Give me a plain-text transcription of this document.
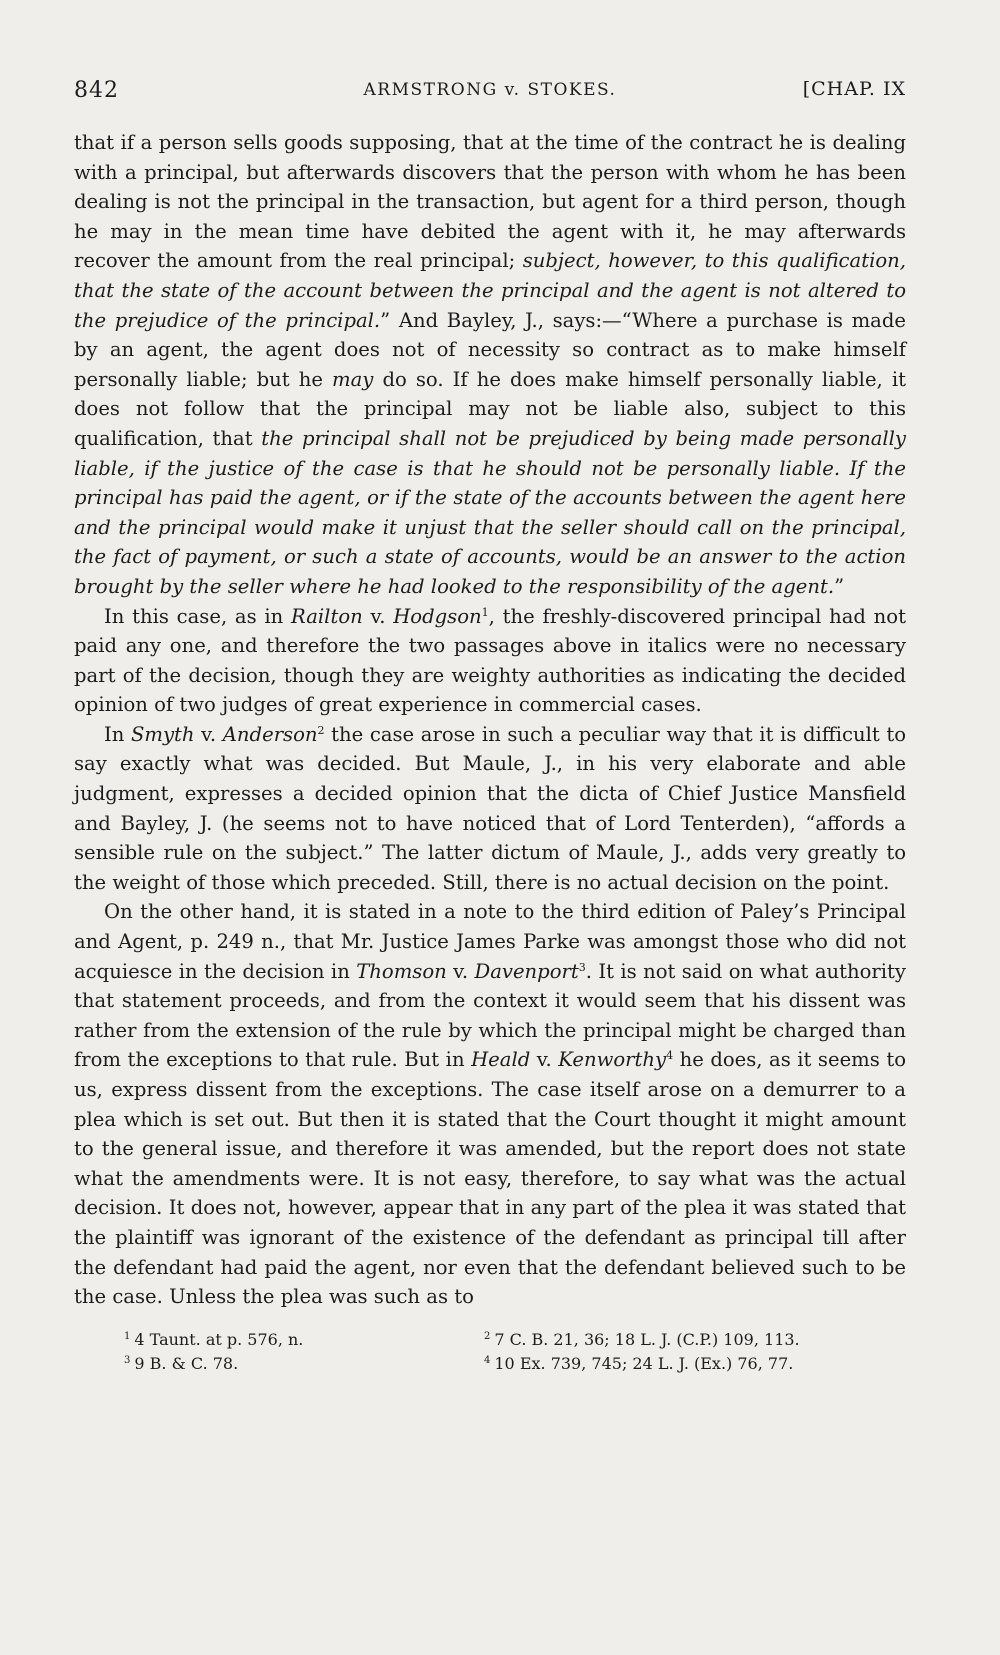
842	ARMSTRONG v. STOKES.	[CHAP. IX

that if a person sells goods supposing, that at the time of the contract he is dealing with a principal, but afterwards discovers that the person with whom he has been dealing is not the principal in the transaction, but agent for a third person, though he may in the mean time have debited the agent with it, he may afterwards recover the amount from the real principal; subject, however, to this qualification, that the state of the account between the principal and the agent is not altered to the prejudice of the principal.” And Bayley, J., says:—“Where a purchase is made by an agent, the agent does not of necessity so contract as to make himself personally liable; but he may do so. If he does make himself personally liable, it does not follow that the principal may not be liable also, subject to this qualification, that the principal shall not be prejudiced by being made personally liable, if the justice of the case is that he should not be personally liable. If the principal has paid the agent, or if the state of the accounts between the agent here and the principal would make it unjust that the seller should call on the principal, the fact of payment, or such a state of accounts, would be an answer to the action brought by the seller where he had looked to the responsibility of the agent.”

In this case, as in Railton v. Hodgson$^1$, the freshly-discovered principal had not paid any one, and therefore the two passages above in italics were no necessary part of the decision, though they are weighty authorities as indicating the decided opinion of two judges of great experience in commercial cases.

In Smyth v. Anderson$^2$ the case arose in such a peculiar way that it is difficult to say exactly what was decided. But Maule, J., in his very elaborate and able judgment, expresses a decided opinion that the dicta of Chief Justice Mansfield and Bayley, J. (he seems not to have noticed that of Lord Tenterden), “affords a sensible rule on the subject.” The latter dictum of Maule, J., adds very greatly to the weight of those which preceded. Still, there is no actual decision on the point.

On the other hand, it is stated in a note to the third edition of Paley’s Principal and Agent, p. 249 n., that Mr. Justice James Parke was amongst those who did not acquiesce in the decision in Thomson v. Davenport$^3$. It is not said on what authority that statement proceeds, and from the context it would seem that his dissent was rather from the extension of the rule by which the principal might be charged than from the exceptions to that rule. But in Heald v. Kenworthy$^4$ he does, as it seems to us, express dissent from the exceptions. The case itself arose on a demurrer to a plea which is set out. But then it is stated that the Court thought it might amount to the general issue, and therefore it was amended, but the report does not state what the amendments were. It is not easy, therefore, to say what was the actual decision. It does not, however, appear that in any part of the plea it was stated that the plaintiff was ignorant of the existence of the defendant as principal till after the defendant had paid the agent, nor even that the defendant believed such to be the case. Unless the plea was such as to

$^1$ 4 Taunt. at p. 576, n.	$^2$ 7 C. B. 21, 36; 18 L. J. (C.P.) 109, 113.
$^3$ 9 B. & C. 78.	$^4$ 10 Ex. 739, 745; 24 L. J. (Ex.) 76, 77.
